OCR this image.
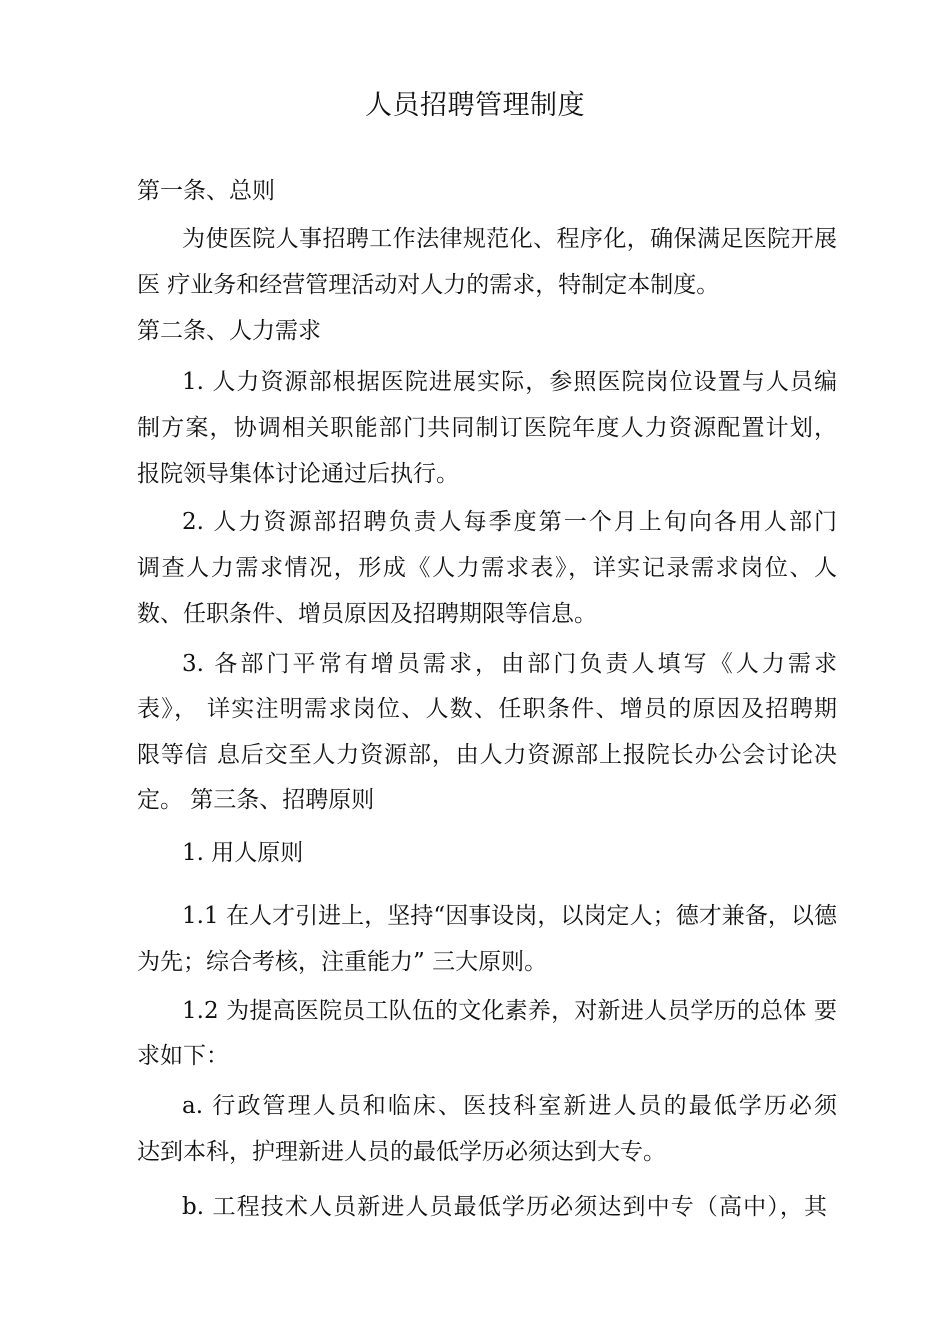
人员招聘管理制度
第一条、总则
为使医院人事招聘工作法律规范化、程序化，确保满足医院开展
医 疗业务和经营管理活动对人力的需求，特制定本制度。
第二条、人力需求
1. 人力资源部根据医院进展实际，参照医院岗位设置与人员编
制方案，协调相关职能部门共同制订医院年度人力资源配置计划，
报院领导集体讨论通过后执行。
2. 人力资源部招聘负责人每季度第一个月上旬向各用人部门
调查人力需求情况，形成《人力需求表》，详实记录需求岗位、人
数、任职条件、增员原因及招聘期限等信息。
3. 各部门平常有增员需求，由部门负责人填写《人力需求
表》， 详实注明需求岗位、人数、任职条件、增员的原因及招聘期
限等信 息后交至人力资源部，由人力资源部上报院长办公会讨论决
定。 第三条、招聘原则
1. 用人原则
1.1 在人才引进上，坚持“因事设岗，以岗定人；德才兼备，以德
为先；综合考核，注重能力” 三大原则。
1.2 为提高医院员工队伍的文化素养，对新进人员学历的总体 要
求如下：
a. 行政管理人员和临床、医技科室新进人员的最低学历必须
达到本科，护理新进人员的最低学历必须达到大专。
b. 工程技术人员新进人员最低学历必须达到中专（高中），其
